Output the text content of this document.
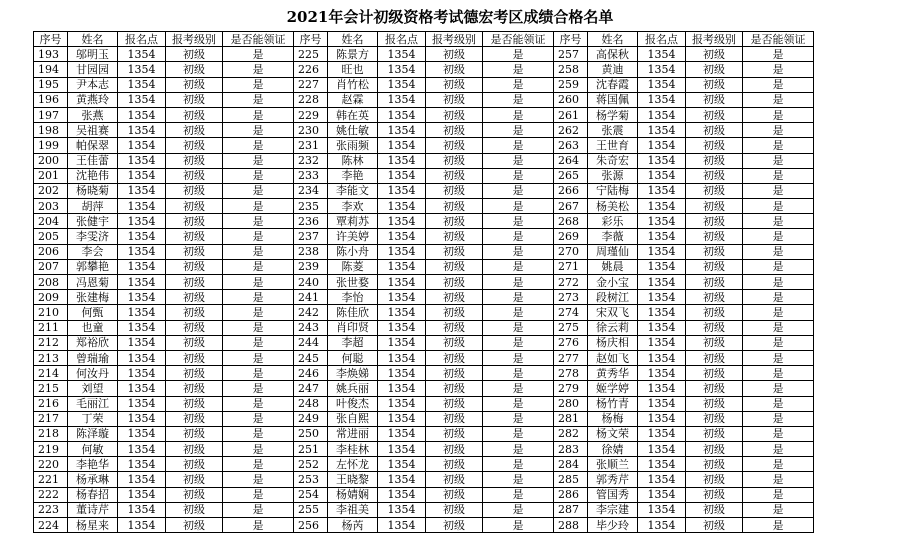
2021年会计初级资格考试德宏考区成绩合格名单
序号	姓名	报名点	报考级别	是否能领证	序号	姓名	报名点	报考级别	是否能领证	序号	姓名	报名点	报考级别	是否能领证
193	邬明玉	1354	初级	是	225	陈景方	1354	初级	是	257	高保秋	1354	初级	是
194	甘园园	1354	初级	是	226	旺也	1354	初级	是	258	黄迪	1354	初级	是
195	尹本志	1354	初级	是	227	肖竹松	1354	初级	是	259	沈春霞	1354	初级	是
196	黄燕玲	1354	初级	是	228	赵霖	1354	初级	是	260	蒋国佩	1354	初级	是
197	张燕	1354	初级	是	229	韩在英	1354	初级	是	261	杨学菊	1354	初级	是
198	吴祖赛	1354	初级	是	230	姚仕敏	1354	初级	是	262	张震	1354	初级	是
199	帕保翠	1354	初级	是	231	张雨频	1354	初级	是	263	王世育	1354	初级	是
200	王佳蕾	1354	初级	是	232	陈林	1354	初级	是	264	朱奇宏	1354	初级	是
201	沈艳伟	1354	初级	是	233	李艳	1354	初级	是	265	张源	1354	初级	是
202	杨晓菊	1354	初级	是	234	李能文	1354	初级	是	266	宁陆梅	1354	初级	是
203	胡萍	1354	初级	是	235	李欢	1354	初级	是	267	杨美松	1354	初级	是
204	张健宇	1354	初级	是	236	覃莉苏	1354	初级	是	268	彩乐	1354	初级	是
205	李雯济	1354	初级	是	237	许美婷	1354	初级	是	269	李薇	1354	初级	是
206	李会	1354	初级	是	238	陈小舟	1354	初级	是	270	周瑾仙	1354	初级	是
207	郭攀艳	1354	初级	是	239	陈菱	1354	初级	是	271	姚晨	1354	初级	是
208	冯恩菊	1354	初级	是	240	张世婺	1354	初级	是	272	金小宝	1354	初级	是
209	张建梅	1354	初级	是	241	李怡	1354	初级	是	273	段树江	1354	初级	是
210	何甄	1354	初级	是	242	陈佳欣	1354	初级	是	274	宋双飞	1354	初级	是
211	也童	1354	初级	是	243	肖印贤	1354	初级	是	275	徐云莉	1354	初级	是
212	郑裕欣	1354	初级	是	244	李超	1354	初级	是	276	杨庆相	1354	初级	是
213	曾瑞瑜	1354	初级	是	245	何聪	1354	初级	是	277	赵如飞	1354	初级	是
214	何汝丹	1354	初级	是	246	李焕娣	1354	初级	是	278	黄秀华	1354	初级	是
215	刘望	1354	初级	是	247	姚兵丽	1354	初级	是	279	姬学婷	1354	初级	是
216	毛丽江	1354	初级	是	248	叶俊杰	1354	初级	是	280	杨竹青	1354	初级	是
217	丁荣	1354	初级	是	249	张自熙	1354	初级	是	281	杨梅	1354	初级	是
218	陈泽璇	1354	初级	是	250	常进丽	1354	初级	是	282	杨文荣	1354	初级	是
219	何敏	1354	初级	是	251	李桂林	1354	初级	是	283	徐婧	1354	初级	是
220	李艳华	1354	初级	是	252	左怀龙	1354	初级	是	284	张顺兰	1354	初级	是
221	杨承琳	1354	初级	是	253	王晓黎	1354	初级	是	285	郭秀芹	1354	初级	是
222	杨春招	1354	初级	是	254	杨婧娴	1354	初级	是	286	管国秀	1354	初级	是
223	董诗芹	1354	初级	是	255	李祖美	1354	初级	是	287	李宗建	1354	初级	是
224	杨星来	1354	初级	是	256	杨芮	1354	初级	是	288	毕少玲	1354	初级	是
